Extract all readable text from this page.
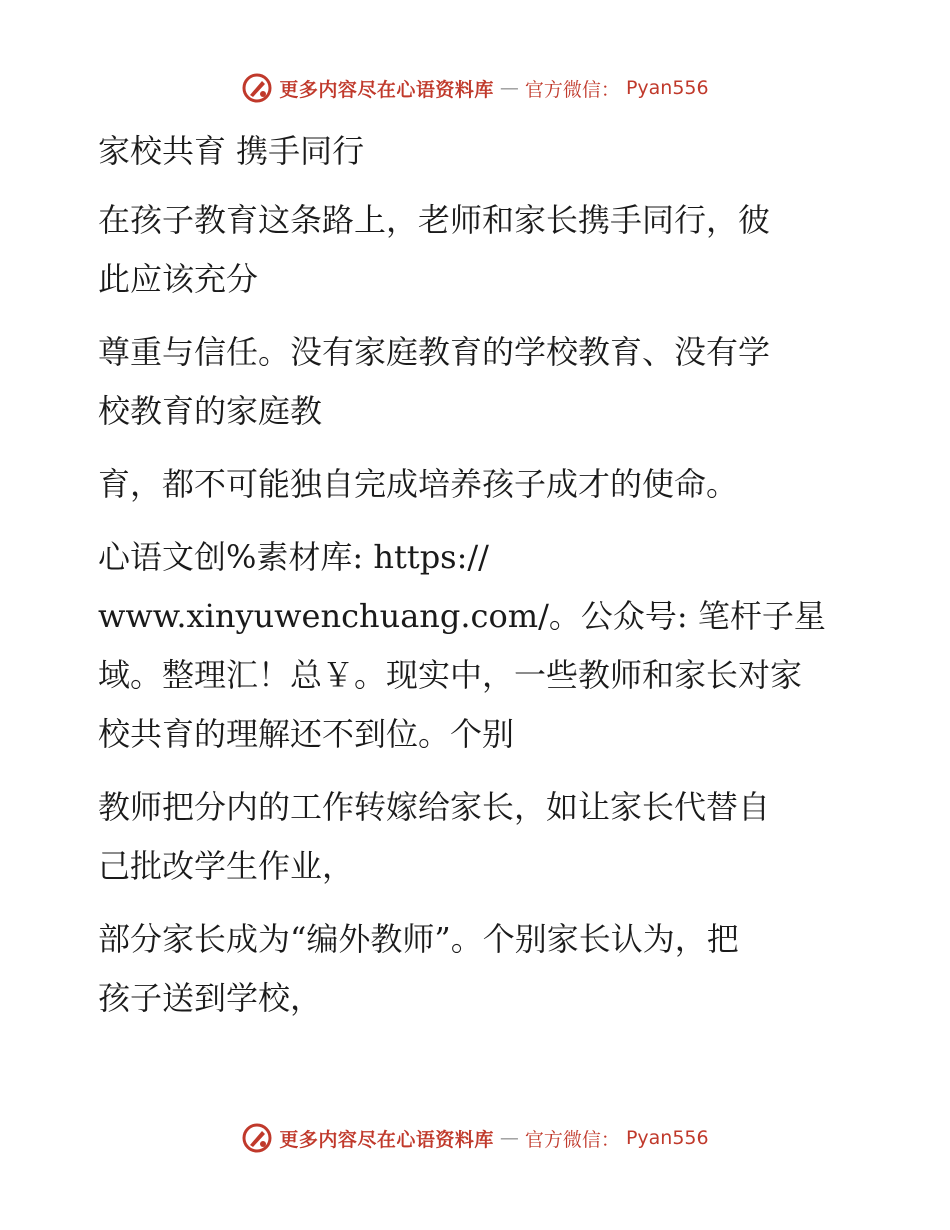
更多内容尽在心语资料库 — 官方微信： Pyan556
家校共育 携手同行
在孩子教育这条路上，老师和家长携手同行，彼
此应该充分
尊重与信任。没有家庭教育的学校教育、没有学
校教育的家庭教
育，都不可能独自完成培养孩子成才的使命。
心语文创%素材库: https://
www.xinyuwenchuang.com/。公众号: 笔杆子星
域。整理汇！总￥。现实中，一些教师和家长对家
校共育的理解还不到位。个别
教师把分内的工作转嫁给家长，如让家长代替自
己批改学生作业，
部分家长成为“编外教师”。个别家长认为，把
孩子送到学校，
更多内容尽在心语资料库 — 官方微信： Pyan556
